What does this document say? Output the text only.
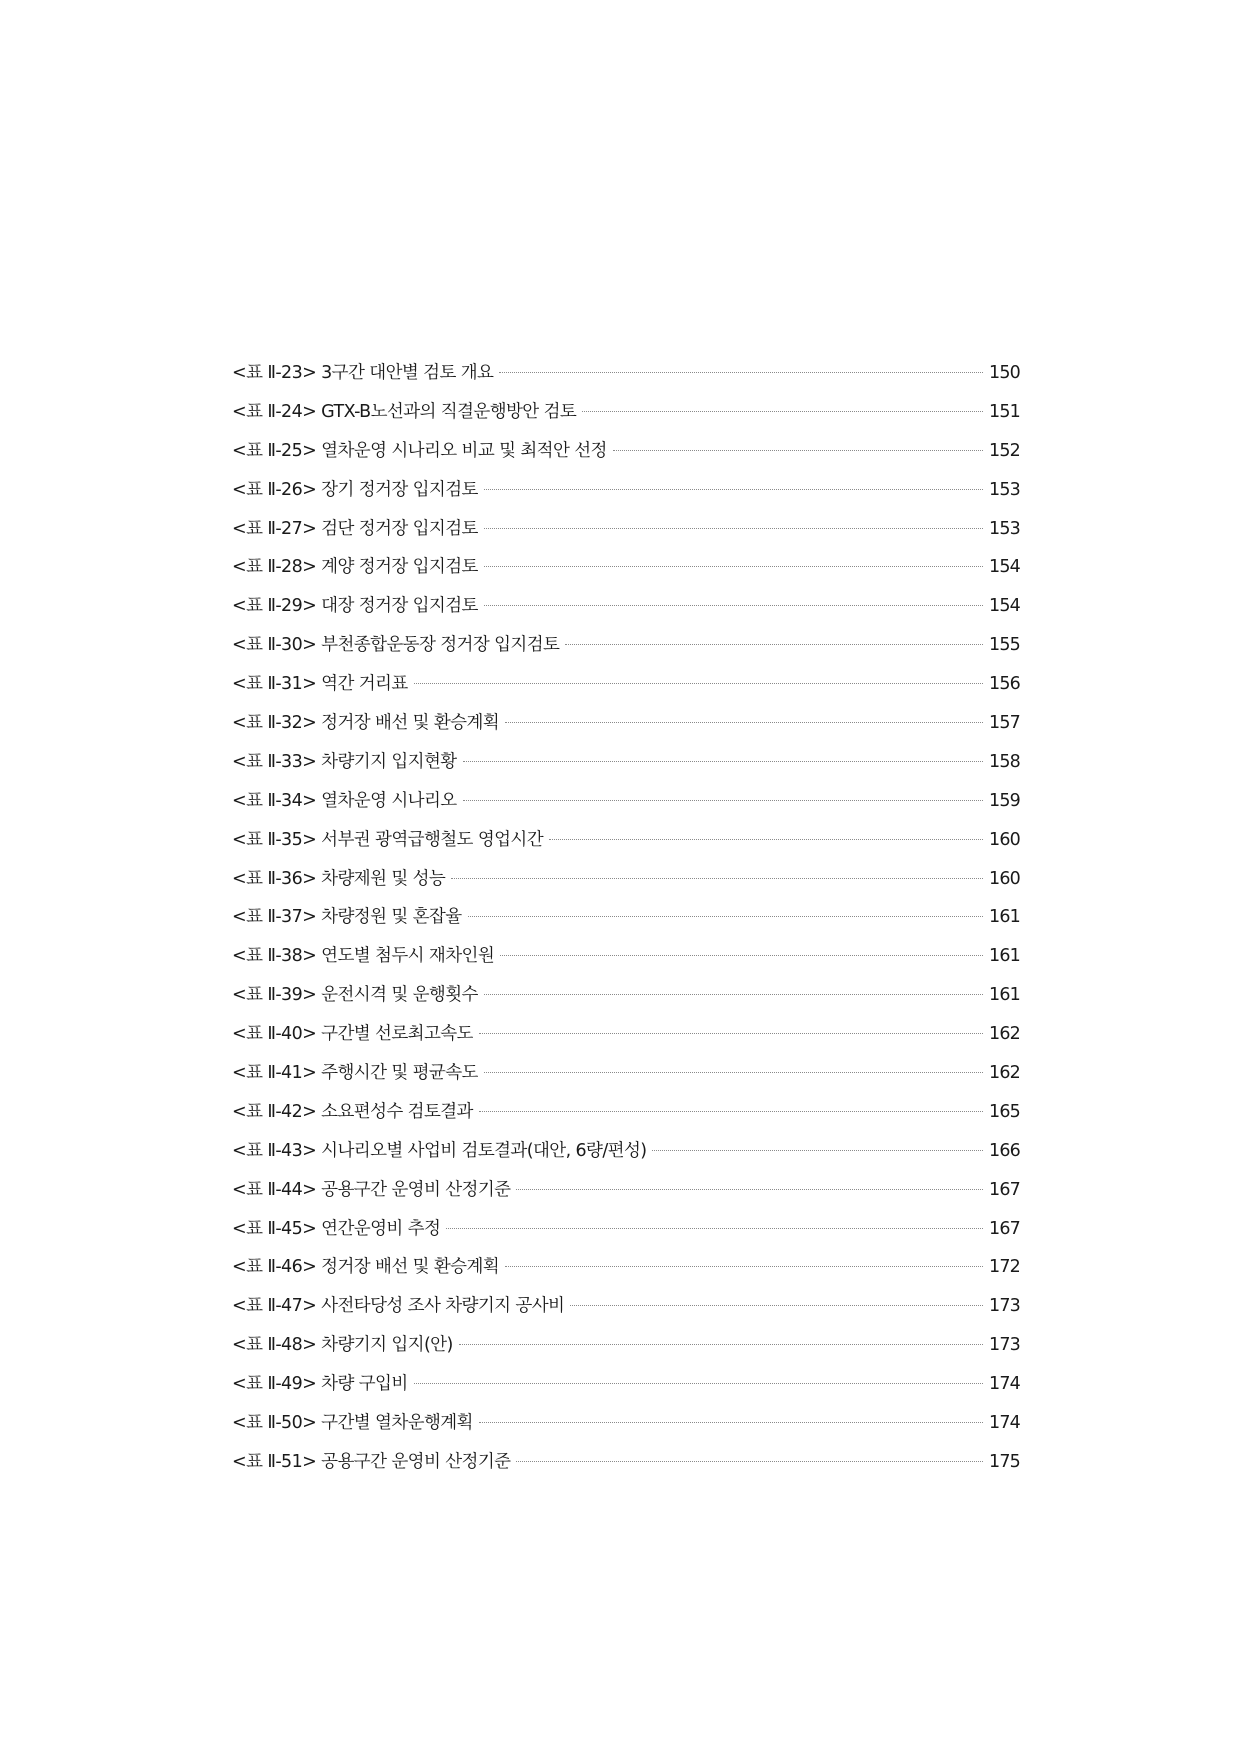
<표 Ⅱ-23> 3구간 대안별 검토 개요	150
<표 Ⅱ-24> GTX-B노선과의 직결운행방안 검토	151
<표 Ⅱ-25> 열차운영 시나리오 비교 및 최적안 선정	152
<표 Ⅱ-26> 장기 정거장 입지검토	153
<표 Ⅱ-27> 검단 정거장 입지검토	153
<표 Ⅱ-28> 계양 정거장 입지검토	154
<표 Ⅱ-29> 대장 정거장 입지검토	154
<표 Ⅱ-30> 부천종합운동장 정거장 입지검토	155
<표 Ⅱ-31> 역간 거리표	156
<표 Ⅱ-32> 정거장 배선 및 환승계획	157
<표 Ⅱ-33> 차량기지 입지현황	158
<표 Ⅱ-34> 열차운영 시나리오	159
<표 Ⅱ-35> 서부권 광역급행철도 영업시간	160
<표 Ⅱ-36> 차량제원 및 성능	160
<표 Ⅱ-37> 차량정원 및 혼잡율	161
<표 Ⅱ-38> 연도별 첨두시 재차인원	161
<표 Ⅱ-39> 운전시격 및 운행횟수	161
<표 Ⅱ-40> 구간별 선로최고속도	162
<표 Ⅱ-41> 주행시간 및 평균속도	162
<표 Ⅱ-42> 소요편성수 검토결과	165
<표 Ⅱ-43> 시나리오별 사업비 검토결과(대안, 6량/편성)	166
<표 Ⅱ-44> 공용구간 운영비 산정기준	167
<표 Ⅱ-45> 연간운영비 추정	167
<표 Ⅱ-46> 정거장 배선 및 환승계획	172
<표 Ⅱ-47> 사전타당성 조사 차량기지 공사비	173
<표 Ⅱ-48> 차량기지 입지(안)	173
<표 Ⅱ-49> 차량 구입비	174
<표 Ⅱ-50> 구간별 열차운행계획	174
<표 Ⅱ-51> 공용구간 운영비 산정기준	175
